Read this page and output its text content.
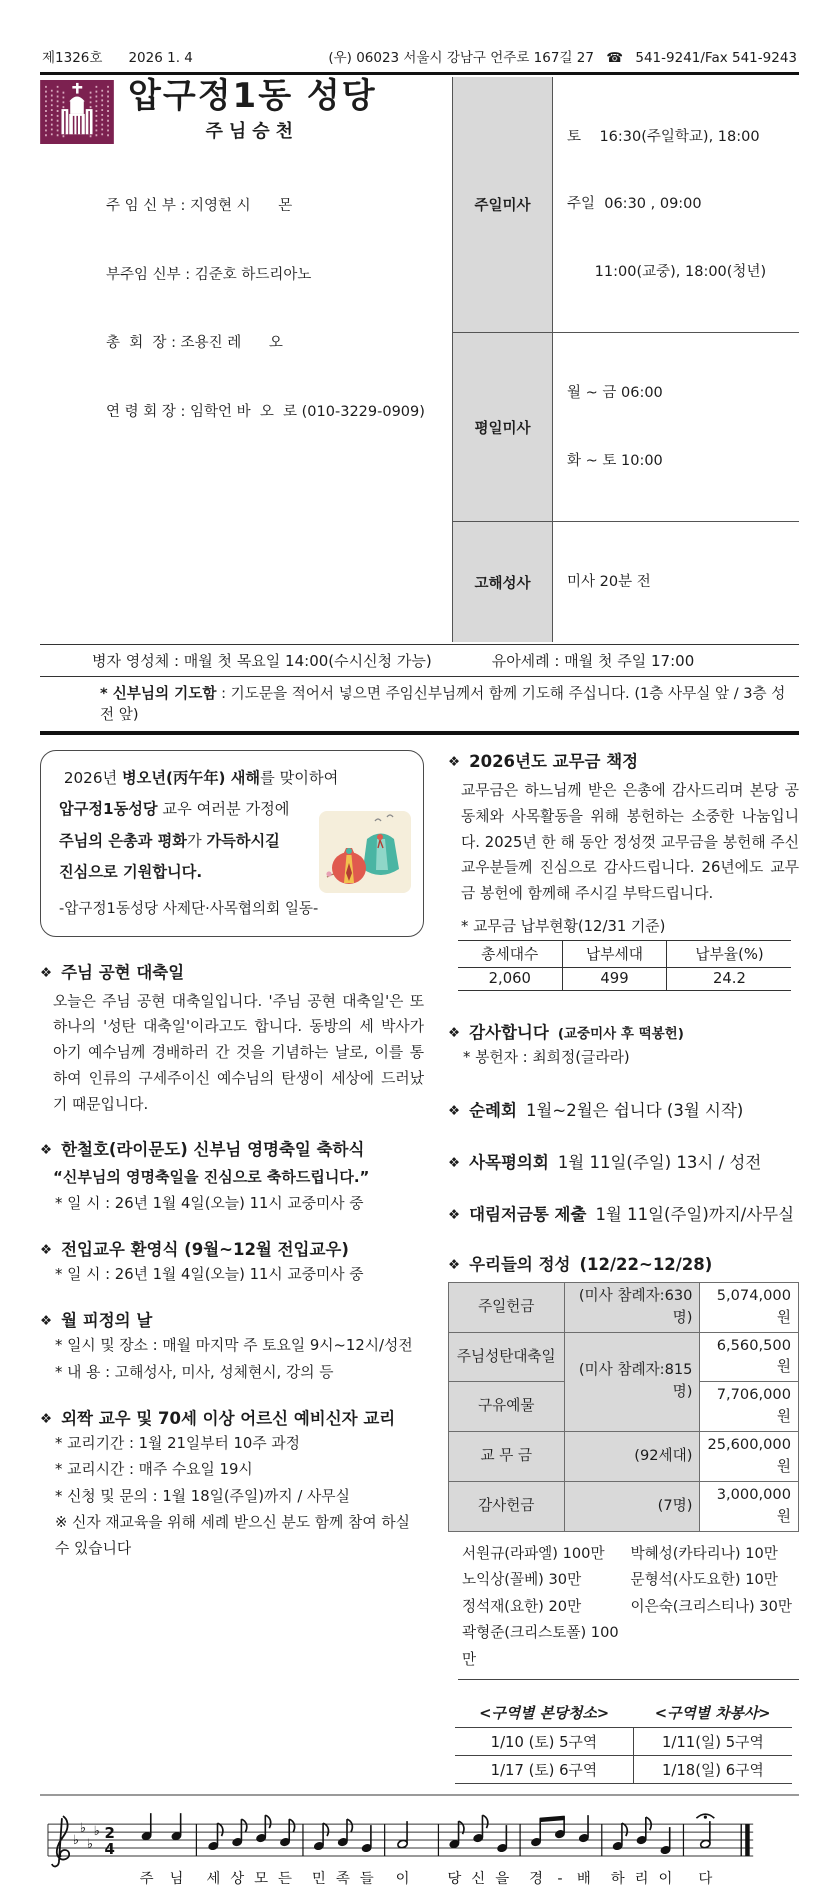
제1326호 2026 1. 4	(우) 06023 서울시 강남구 언주로 167길 27 ☎ 541-9241/Fax 541-9243
압구정1동 성당
주님승천

주 임 신 부 : 지영현 시      몬

부주임 신부 : 김준호 하드리아노

총  회  장 : 조용진 레      오

연 령 회 장 : 임학언 바  오  로 (010-3229-0909)

주일미사	토    16:30(주일학교), 18:00

주일  06:30 , 09:00

11:00(교중), 18:00(청년)

평일미사	월 ~ 금 06:00

화 ~ 토 10:00

고해성사	미사 20분 전

병자 영성체 : 매월 첫 목요일 14:00(수시신청 가능)	유아세례 : 매월 첫 주일 17:00
* 신부님의 기도함 : 기도문을 적어서 넣으면 주임신부님께서 함께 기도해 주십니다. (1층 사무실 앞 / 3층 성전 앞)
2026년 병오년(丙午年) 새해를 맞이하여
압구정1동성당 교우 여러분 가정에
주님의 은총과 평화가 가득하시길
진심으로 기원합니다.
-압구정1동성당 사제단·사목협의회 일동-
❖ 주님 공현 대축일
오늘은 주님 공현 대축일입니다. '주님 공현 대축일'은 또 하나의 '성탄 대축일'이라고도 합니다. 동방의 세 박사가 아기 예수님께 경배하러 간 것을 기념하는 날로, 이를 통하여 인류의 구세주이신 예수님의 탄생이 세상에 드러났기 때문입니다.
❖ 한철호(라이문도) 신부님 영명축일 축하식
“신부님의 영명축일을 진심으로 축하드립니다.”
* 일 시 : 26년 1월 4일(오늘) 11시 교중미사 중
❖ 전입교우 환영식 (9월~12월 전입교우)
* 일 시 : 26년 1월 4일(오늘) 11시 교중미사 중
❖ 월 피정의 날
* 일시 및 장소 : 매월 마지막 주 토요일 9시~12시/성전
* 내 용 : 고해성사, 미사, 성체현시, 강의 등
❖ 외짝 교우 및 70세 이상 어르신 예비신자 교리
* 교리기간 : 1월 21일부터 10주 과정
* 교리시간 : 매주 수요일 19시
* 신청 및 문의 : 1월 18일(주일)까지 / 사무실
※ 신자 재교육을 위해 세례 받으신 분도 함께 참여 하실 수 있습니다
❖ 2026년도 교무금 책정
교무금은 하느님께 받은 은총에 감사드리며 본당 공동체와 사목활동을 위해 봉헌하는 소중한 나눔입니다. 2025년 한 해 동안 정성껏 교무금을 봉헌해 주신 교우분들께 진심으로 감사드립니다. 26년에도 교무금 봉헌에 함께해 주시길 부탁드립니다.
* 교무금 납부현황(12/31 기준)
총세대수	납부세대	납부율(%)
2,060	499	24.2
❖ 감사합니다 (교중미사 후 떡봉헌)
* 봉헌자 : 최희정(글라라)
❖ 순례회 1월~2월은 쉽니다 (3월 시작)
❖ 사목평의회 1월 11일(주일) 13시 / 성전
❖ 대림저금통 제출 1월 11일(주일)까지/사무실
❖ 우리들의 정성 (12/22~12/28)
주일헌금	(미사 참례자:630명)	5,074,000원
주님성탄대축일	(미사 참례자:815명)	6,560,500원
구유예물		7,706,000원
교 무 금	(92세대)	25,600,000원
감사헌금	(7명)	3,000,000원
서원규(라파엘) 100만
노익상(꼴베) 30만
정석재(요한) 20만
곽형준(크리스토폴) 100만
박혜성(카타리나) 10만
문형석(사도요한) 10만
이은숙(크리스티나) 30만
<구역별 본당청소>	<구역별 차봉사>
1/10 (토) 5구역	1/11(일) 5구역
1/17 (토) 6구역	1/18(일) 6구역
♭
♭
♭
♭ 2
4
주 님 세 상 모 든 민 족 들 이	당 신 을 경 - 배 하 리 이 다
